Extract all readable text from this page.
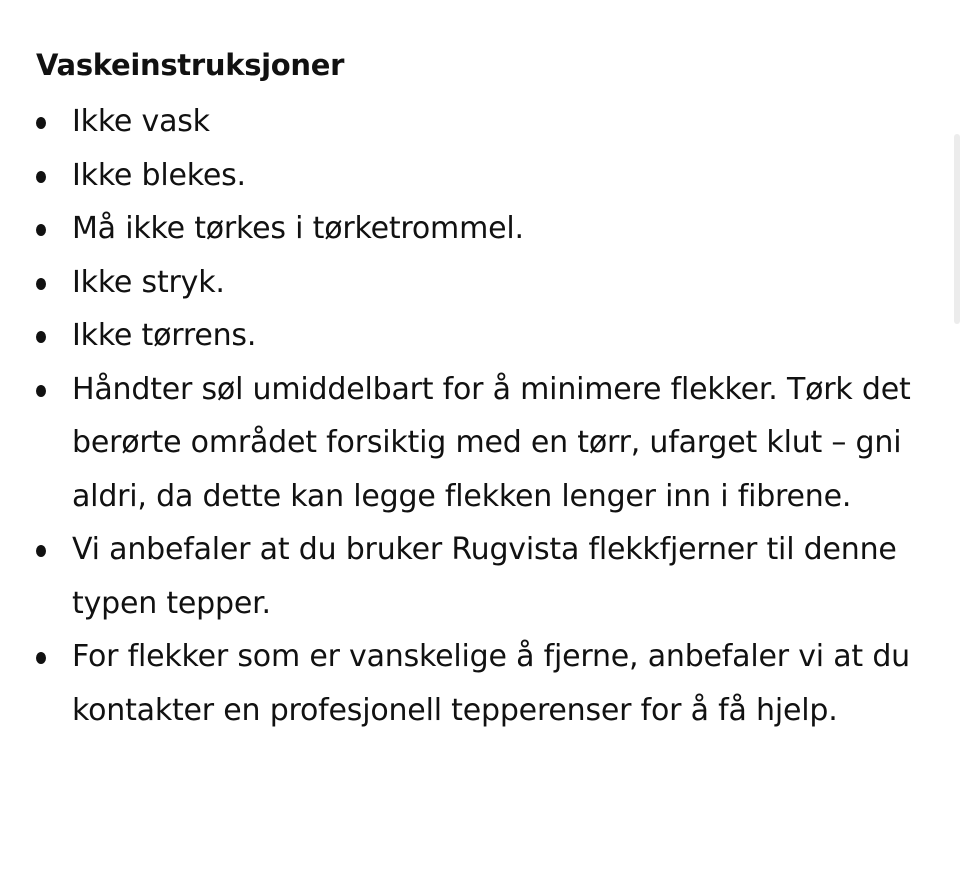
Vaskeinstruksjoner
Ikke vask
Ikke blekes.
Må ikke tørkes i tørketrommel.
Ikke stryk.
Ikke tørrens.
Håndter søl umiddelbart for å minimere flekker. Tørk det berørte området forsiktig med en tørr, ufarget klut – gni aldri, da dette kan legge flekken lenger inn i fibrene.
Vi anbefaler at du bruker Rugvista flekkfjerner til denne typen tepper.
For flekker som er vanskelige å fjerne, anbefaler vi at du kontakter en profesjonell tepperenser for å få hjelp.
